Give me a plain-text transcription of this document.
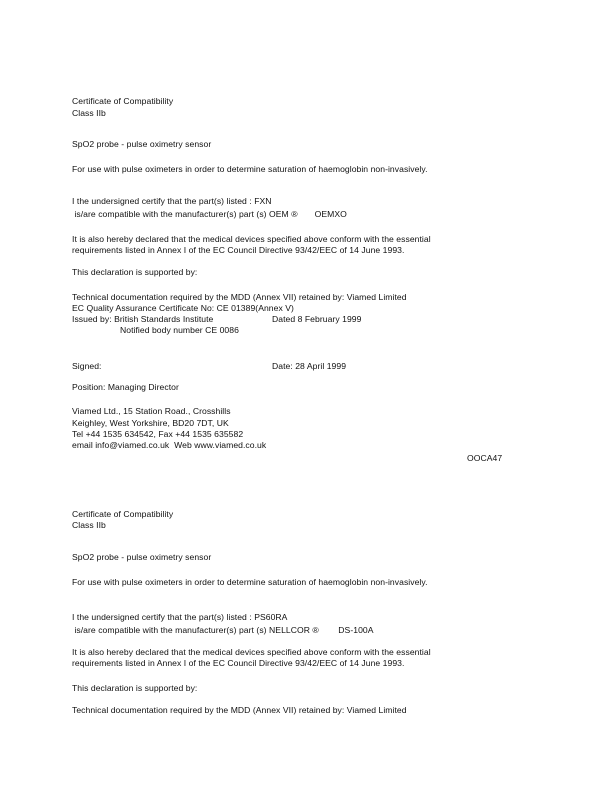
Certificate of Compatibility
Class IIb
SpO2 probe - pulse oximetry sensor
For use with pulse oximeters in order to determine saturation of haemoglobin non-invasively.
I the undersigned certify that the part(s) listed : FXN
is/are compatible with the manufacturer(s) part (s) OEM ®       OEMXO
It is also hereby declared that the medical devices specified above conform with the essential
requirements listed in Annex I of the EC Council Directive 93/42/EEC of 14 June 1993.
This declaration is supported by:
Technical documentation required by the MDD (Annex VII) retained by: Viamed Limited
EC Quality Assurance Certificate No: CE 01389(Annex V)
Issued by: British Standards Institute	Dated 8 February 1999
Notified body number CE 0086
Signed:	Date: 28 April 1999
Position: Managing Director
Viamed Ltd., 15 Station Road., Crosshills
Keighley, West Yorkshire, BD20 7DT, UK
Tel +44 1535 634542, Fax +44 1535 635582
email info@viamed.co.uk  Web www.viamed.co.uk
OOCA47
Certificate of Compatibility
Class IIb
SpO2 probe - pulse oximetry sensor
For use with pulse oximeters in order to determine saturation of haemoglobin non-invasively.
I the undersigned certify that the part(s) listed : PS60RA
is/are compatible with the manufacturer(s) part (s) NELLCOR ®        DS-100A
It is also hereby declared that the medical devices specified above conform with the essential
requirements listed in Annex I of the EC Council Directive 93/42/EEC of 14 June 1993.
This declaration is supported by:
Technical documentation required by the MDD (Annex VII) retained by: Viamed Limited
